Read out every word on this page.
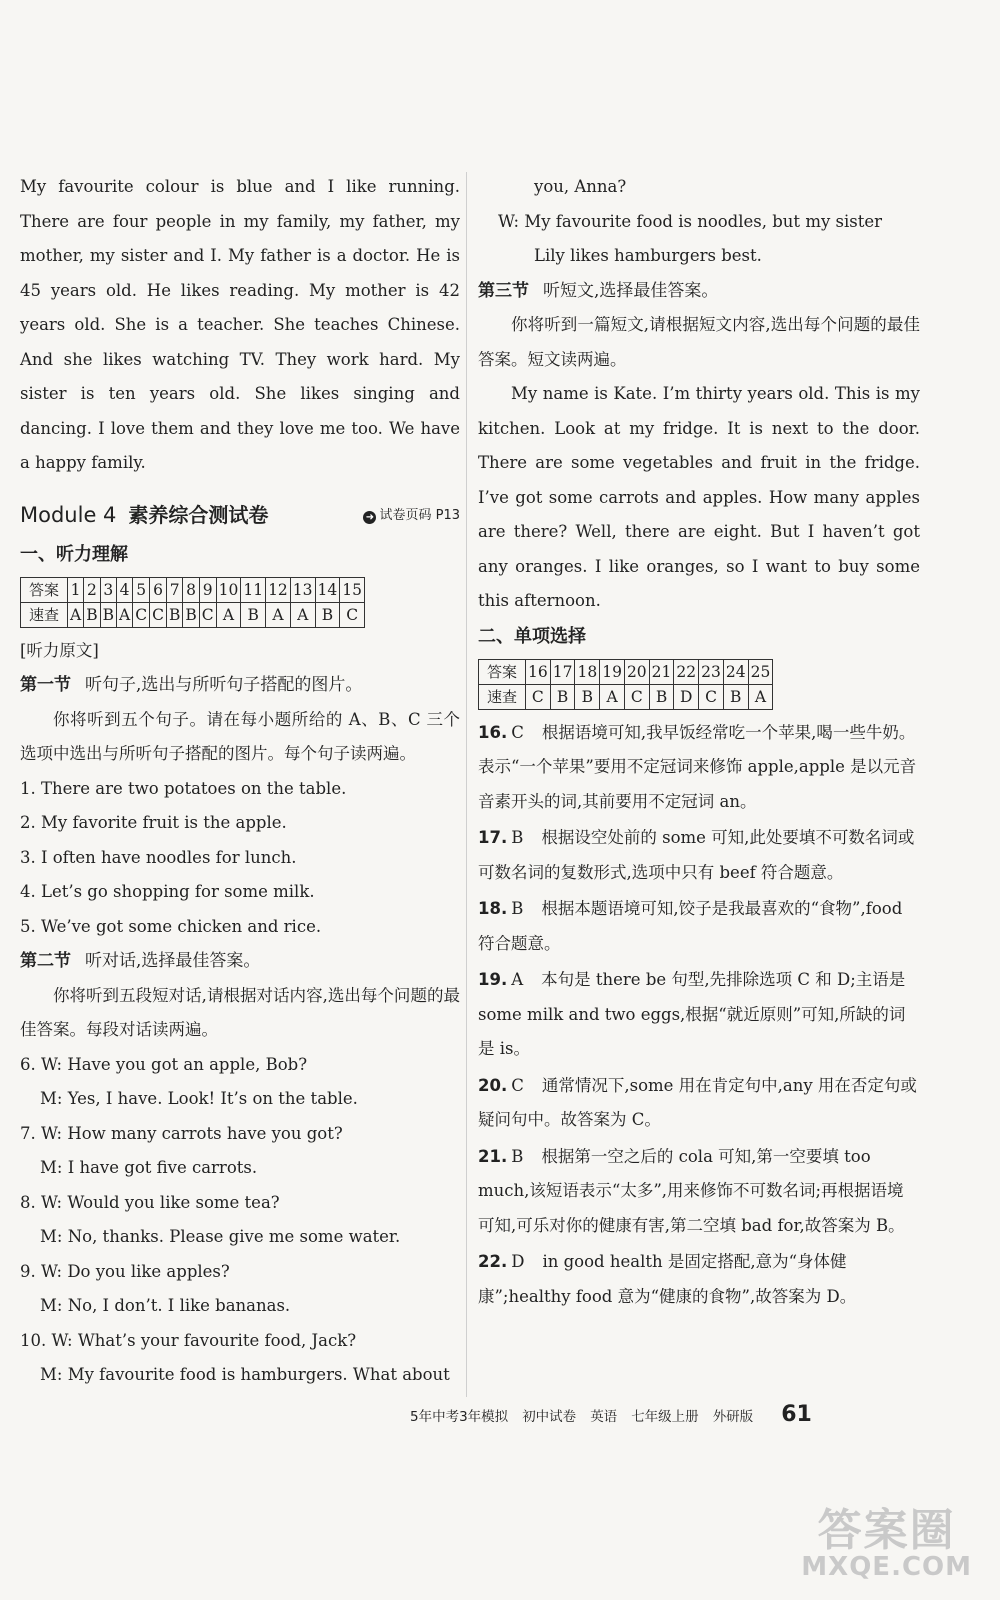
My favourite colour is blue and I like running. There are four people in my family, my father, my mother, my sister and I. My father is a doctor. He is 45 years old. He likes reading. My mother is 42 years old. She is a teacher. She teaches Chinese. And she likes watching TV. They work hard. My sister is ten years old. She likes singing and dancing. I love them and they love me too. We have a happy family.

Module 4 素养综合测试卷	➜ 试卷页码 P13

一、听力理解

答案	1	2	3	4	5	6	7	8	9	10	11	12	13	14	15
速查	A	B	B	A	C	C	B	B	C	A	B	A	A	B	C

[听力原文]

第一节 听句子,选出与所听句子搭配的图片。

你将听到五个句子。请在每小题所给的 A、B、C 三个选项中选出与所听句子搭配的图片。每个句子读两遍。

1. There are two potatoes on the table.

2. My favorite fruit is the apple.

3. I often have noodles for lunch.

4. Let’s go shopping for some milk.

5. We’ve got some chicken and rice.

第二节 听对话,选择最佳答案。

你将听到五段短对话,请根据对话内容,选出每个问题的最佳答案。每段对话读两遍。

6. W: Have you got an apple, Bob?

M: Yes, I have. Look! It’s on the table.

7. W: How many carrots have you got?

M: I have got five carrots.

8. W: Would you like some tea?

M: No, thanks. Please give me some water.

9. W: Do you like apples?

M: No, I don’t. I like bananas.

10. W: What’s your favourite food, Jack?

M: My favourite food is hamburgers. What about

you, Anna?

W: My favourite food is noodles, but my sister

Lily likes hamburgers best.

第三节 听短文,选择最佳答案。

你将听到一篇短文,请根据短文内容,选出每个问题的最佳答案。短文读两遍。

My name is Kate. I’m thirty years old. This is my kitchen. Look at my fridge. It is next to the door. There are some vegetables and fruit in the fridge. I’ve got some carrots and apples. How many apples are there? Well, there are eight. But I haven’t got any oranges. I like oranges, so I want to buy some this afternoon.

二、单项选择

答案	16	17	18	19	20	21	22	23	24	25
速查	C	B	B	A	C	B	D	C	B	A

16. C 根据语境可知,我早饭经常吃一个苹果,喝一些牛奶。表示“一个苹果”要用不定冠词来修饰 apple,apple 是以元音音素开头的词,其前要用不定冠词 an。

17. B 根据设空处前的 some 可知,此处要填不可数名词或可数名词的复数形式,选项中只有 beef 符合题意。

18. B 根据本题语境可知,饺子是我最喜欢的“食物”,food 符合题意。

19. A 本句是 there be 句型,先排除选项 C 和 D;主语是 some milk and two eggs,根据“就近原则”可知,所缺的词是 is。

20. C 通常情况下,some 用在肯定句中,any 用在否定句或疑问句中。故答案为 C。

21. B 根据第一空之后的 cola 可知,第一空要填 too much,该短语表示“太多”,用来修饰不可数名词;再根据语境可知,可乐对你的健康有害,第二空填 bad for,故答案为 B。

22. D in good health 是固定搭配,意为“身体健康”;healthy food 意为“健康的食物”,故答案为 D。

5年中考3年模拟 初中试卷 英语 七年级上册 外研版 61
答案圈
MXQE.COM
